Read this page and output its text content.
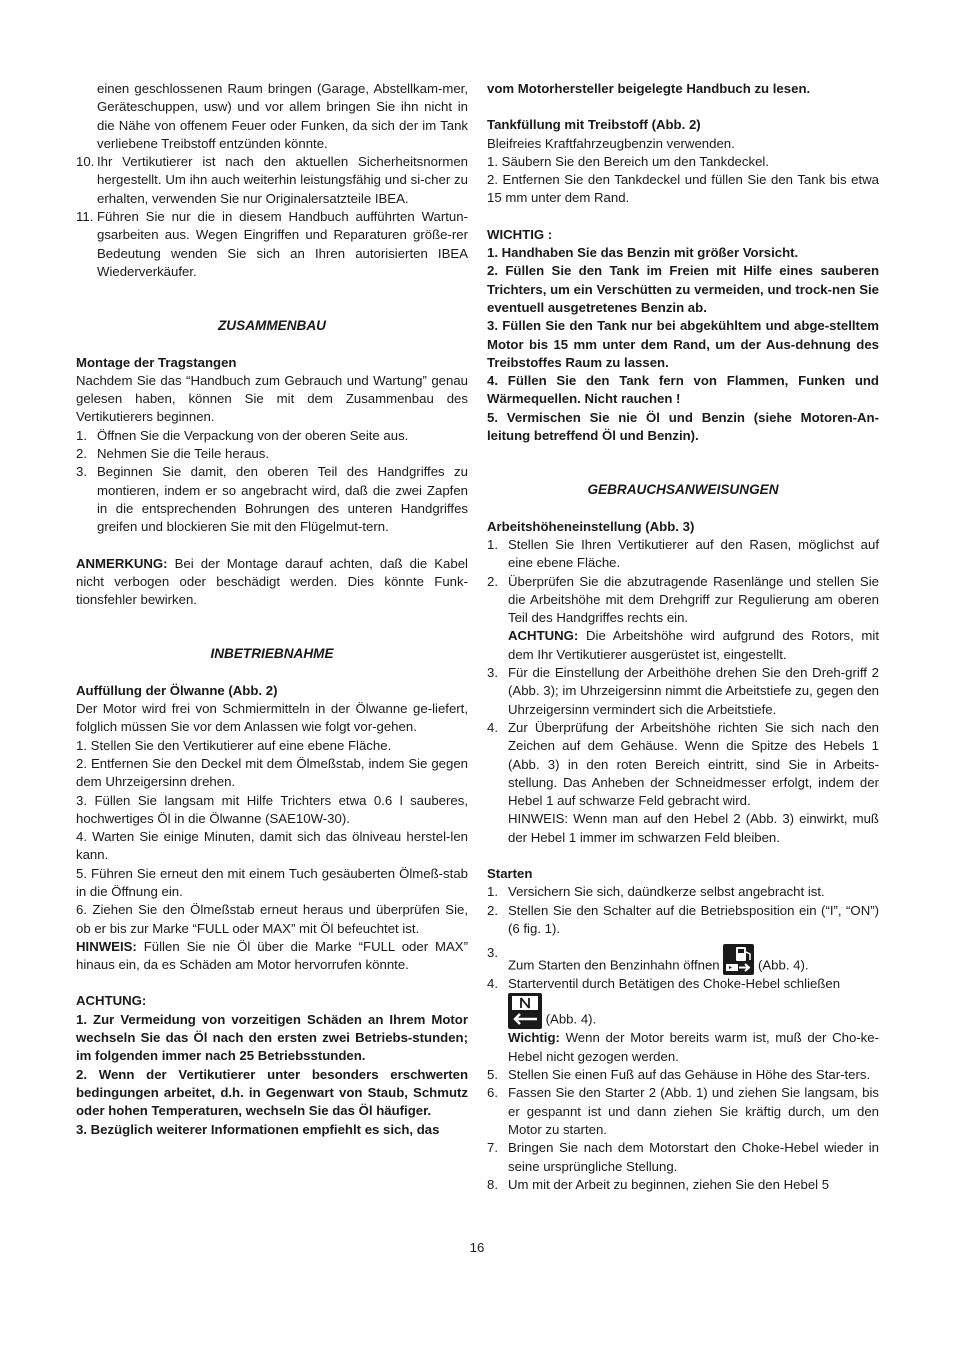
einen geschlossenen Raum bringen (Garage, Abstellkam-mer, Geräteschuppen, usw) und vor allem bringen Sie ihn nicht in die Nähe von offenem Feuer oder Funken, da sich der im Tank verliebene Treibstoff entzünden könnte.

10. Ihr Vertikutierer ist nach den aktuellen Sicherheitsnormen hergestellt. Um ihn auch weiterhin leistungsfähig und si-cher zu erhalten, verwenden Sie nur Originalersatzteile IBEA.
11. Führen Sie nur die in diesem Handbuch aufführten Wartun-gsarbeiten aus. Wegen Eingriffen und Reparaturen größe-rer Bedeutung wenden Sie sich an Ihren autorisierten IBEA Wiederverkäufer.

ZUSAMMENBAU

Montage der Tragstangen

Nachdem Sie das “Handbuch zum Gebrauch und Wartung” genau gelesen haben, können Sie mit dem Zusammenbau des Vertikutierers beginnen.

1. Öffnen Sie die Verpackung von der oberen Seite aus.
2. Nehmen Sie die Teile heraus.
3. Beginnen Sie damit, den oberen Teil des Handgriffes zu montieren, indem er so angebracht wird, daß die zwei Zapfen in die entsprechenden Bohrungen des unteren Handgriffes greifen und blockieren Sie mit den Flügelmut-tern.

ANMERKUNG: Bei der Montage darauf achten, daß die Kabel nicht verbogen oder beschädigt werden. Dies könnte Funk-tionsfehler bewirken.

INBETRIEBNAHME

Auffüllung der Ölwanne (Abb. 2)

Der Motor wird frei von Schmiermitteln in der Ölwanne ge-liefert, folglich müssen Sie vor dem Anlassen wie folgt vor-gehen.

1. Stellen Sie den Vertikutierer auf eine ebene Fläche.

2. Entfernen Sie den Deckel mit dem Ölmeßstab, indem Sie gegen dem Uhrzeigersinn drehen.

3. Füllen Sie langsam mit Hilfe Trichters etwa 0.6 l sauberes, hochwertiges Öl in die Ölwanne (SAE10W-30).

4. Warten Sie einige Minuten, damit sich das ölniveau herstel-len kann.

5. Führen Sie erneut den mit einem Tuch gesäuberten Ölmeß-stab in die Öffnung ein.

6. Ziehen Sie den Ölmeßstab erneut heraus und überprüfen Sie, ob er bis zur Marke “FULL oder MAX” mit Öl befeuchtet ist.

HINWEIS: Füllen Sie nie Öl über die Marke “FULL oder MAX” hinaus ein, da es Schäden am Motor hervorrufen könnte.

ACHTUNG:

1. Zur Vermeidung von vorzeitigen Schäden an Ihrem Motor wechseln Sie das Öl nach den ersten zwei Betriebs-stunden; im folgenden immer nach 25 Betriebsstunden.

2. Wenn der Vertikutierer unter besonders erschwerten bedingungen arbeitet, d.h. in Gegenwart von Staub, Schmutz oder hohen Temperaturen, wechseln Sie das Öl häufiger.

3. Bezüglich weiterer Informationen empfiehlt es sich, das

vom Motorhersteller beigelegte Handbuch zu lesen.

Tankfüllung mit Treibstoff (Abb. 2)

Bleifreies Kraftfahrzeugbenzin verwenden.

1. Säubern Sie den Bereich um den Tankdeckel.

2. Entfernen Sie den Tankdeckel und füllen Sie den Tank bis etwa 15 mm unter dem Rand.

WICHTIG :

1. Handhaben Sie das Benzin mit größer Vorsicht.

2. Füllen Sie den Tank im Freien mit Hilfe eines sauberen Trichters, um ein Verschütten zu vermeiden, und trock-nen Sie eventuell ausgetretenes Benzin ab.

3. Füllen Sie den Tank nur bei abgekühltem und abge-stelltem Motor bis 15 mm unter dem Rand, um der Aus-dehnung des Treibstoffes Raum zu lassen.

4. Füllen Sie den Tank fern von Flammen, Funken und Wärmequellen. Nicht rauchen !

5. Vermischen Sie nie Öl und Benzin (siehe Motoren-An-leitung betreffend Öl und Benzin).

GEBRAUCHSANWEISUNGEN

Arbeitshöheneinstellung (Abb. 3)

1. Stellen Sie Ihren Vertikutierer auf den Rasen, möglichst auf eine ebene Fläche.
2. Überprüfen Sie die abzutragende Rasenlänge und stellen Sie die Arbeitshöhe mit dem Drehgriff zur Regulierung am oberen Teil des Handgriffes rechts ein.
ACHTUNG: Die Arbeitshöhe wird aufgrund des Rotors, mit dem Ihr Vertikutierer ausgerüstet ist, eingestellt.
3. Für die Einstellung der Arbeithöhe drehen Sie den Dreh-griff 2 (Abb. 3); im Uhrzeigersinn nimmt die Arbeitstiefe zu, gegen den Uhrzeigersinn vermindert sich die Arbeitstiefe.
4. Zur Überprüfung der Arbeitshöhe richten Sie sich nach den Zeichen auf dem Gehäuse. Wenn die Spitze des Hebels 1 (Abb. 3) in den roten Bereich eintritt, sind Sie in Arbeits-stellung. Das Anheben der Schneidmesser erfolgt, indem der Hebel 1 auf schwarze Feld gebracht wird.
HINWEIS: Wenn man auf den Hebel 2 (Abb. 3) einwirkt, muß der Hebel 1 immer im schwarzen Feld bleiben.

Starten

1. Versichern Sie sich, daündkerze selbst angebracht ist.
2. Stellen Sie den Schalter auf die Betriebsposition ein (“I”, “ON”) (6 fig. 1).
3.
Zum Starten den Benzinhahn öffnen  (Abb. 4).
4. Starterventil durch Betätigen des Choke-Hebel schließen
(Abb. 4).
Wichtig: Wenn der Motor bereits warm ist, muß der Cho-ke-Hebel nicht gezogen werden.
5. Stellen Sie einen Fuß auf das Gehäuse in Höhe des Star-ters.
6. Fassen Sie den Starter 2 (Abb. 1) und ziehen Sie langsam, bis er gespannt ist und dann ziehen Sie kräftig durch, um den Motor zu starten.
7. Bringen Sie nach dem Motorstart den Choke-Hebel wieder in seine ursprüngliche Stellung.
8. Um mit der Arbeit zu beginnen, ziehen Sie den Hebel 5
16
